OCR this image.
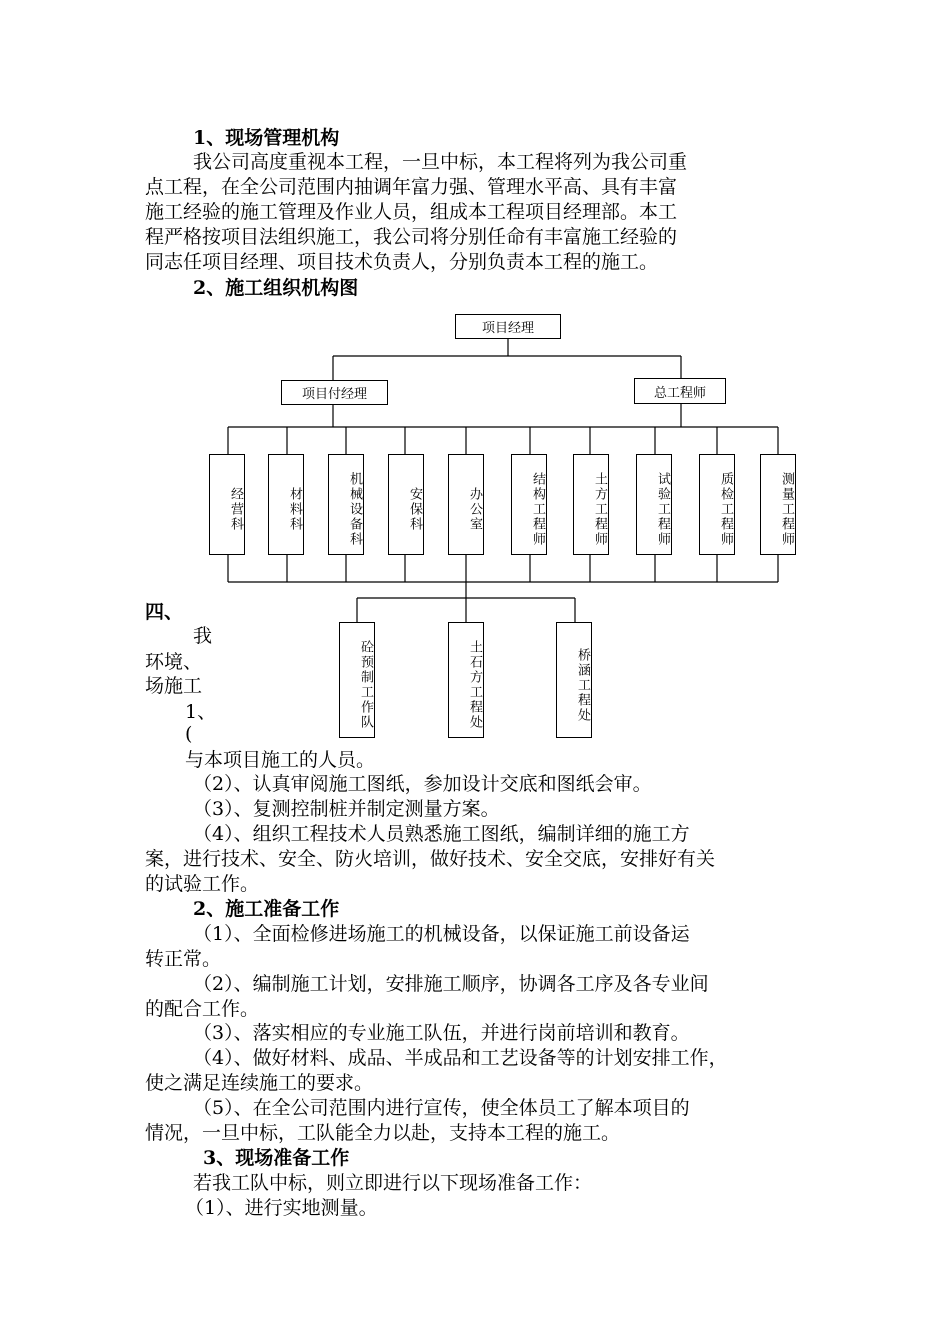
1、现场管理机构
我公司高度重视本工程，一旦中标，本工程将列为我公司重
点工程，在全公司范围内抽调年富力强、管理水平高、具有丰富
施工经验的施工管理及作业人员，组成本工程项目经理部。本工
程严格按项目法组织施工，我公司将分别任命有丰富施工经验的
同志任项目经理、项目技术负责人，分别负责本工程的施工。
2、施工组织机构图
四、
我
环境、
场施工
1、
(
项目经理
项目付经理	总工程师
经营科	材料科	机械设备科	安保科	办公室	结构工程师	土方工程师	试验工程师	质检工程师	测量工程师
砼预制工作队	土石方工程处	桥涵工程处
与本项目施工的人员。
（2）、认真审阅施工图纸，参加设计交底和图纸会审。
（3）、复测控制桩并制定测量方案。
（4）、组织工程技术人员熟悉施工图纸，编制详细的施工方
案，进行技术、安全、防火培训，做好技术、安全交底，安排好有关
的试验工作。
2、施工准备工作
（1）、全面检修进场施工的机械设备，以保证施工前设备运
转正常。
（2）、编制施工计划，安排施工顺序，协调各工序及各专业间
的配合工作。
（3）、落实相应的专业施工队伍，并进行岗前培训和教育。
（4）、做好材料、成品、半成品和工艺设备等的计划安排工作，
使之满足连续施工的要求。
（5）、在全公司范围内进行宣传，使全体员工了解本项目的
情况，一旦中标，工队能全力以赴，支持本工程的施工。
3、现场准备工作
若我工队中标，则立即进行以下现场准备工作：
（1）、进行实地测量。
